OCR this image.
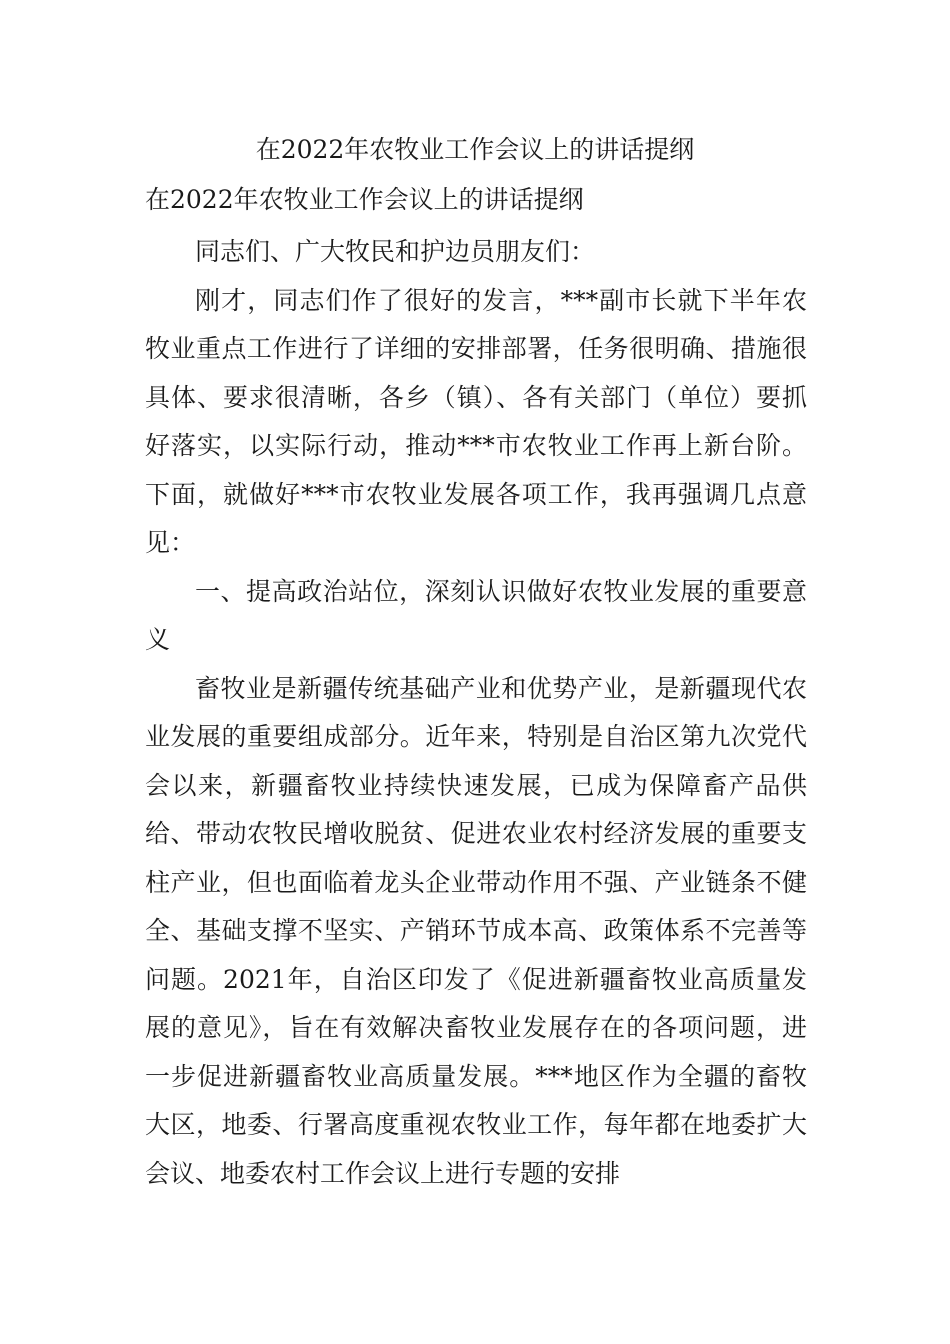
在2022年农牧业工作会议上的讲话提纲
在2022年农牧业工作会议上的讲话提纲

同志们、广大牧民和护边员朋友们：

刚才，同志们作了很好的发言，***副市长就下半年农牧业重点工作进行了详细的安排部署，任务很明确、措施很具体、要求很清晰，各乡（镇）、各有关部门（单位）要抓好落实，以实际行动，推动***市农牧业工作再上新台阶。下面，就做好***市农牧业发展各项工作，我再强调几点意见：

一、提高政治站位，深刻认识做好农牧业发展的重要意义

畜牧业是新疆传统基础产业和优势产业，是新疆现代农业发展的重要组成部分。近年来，特别是自治区第九次党代会以来，新疆畜牧业持续快速发展，已成为保障畜产品供给、带动农牧民增收脱贫、促进农业农村经济发展的重要支柱产业，但也面临着龙头企业带动作用不强、产业链条不健全、基础支撑不坚实、产销环节成本高、政策体系不完善等问题。2021年，自治区印发了《促进新疆畜牧业高质量发展的意见》，旨在有效解决畜牧业发展存在的各项问题，进一步促进新疆畜牧业高质量发展。***地区作为全疆的畜牧大区，地委、行署高度重视农牧业工作，每年都在地委扩大会议、地委农村工作会议上进行专题的安排
